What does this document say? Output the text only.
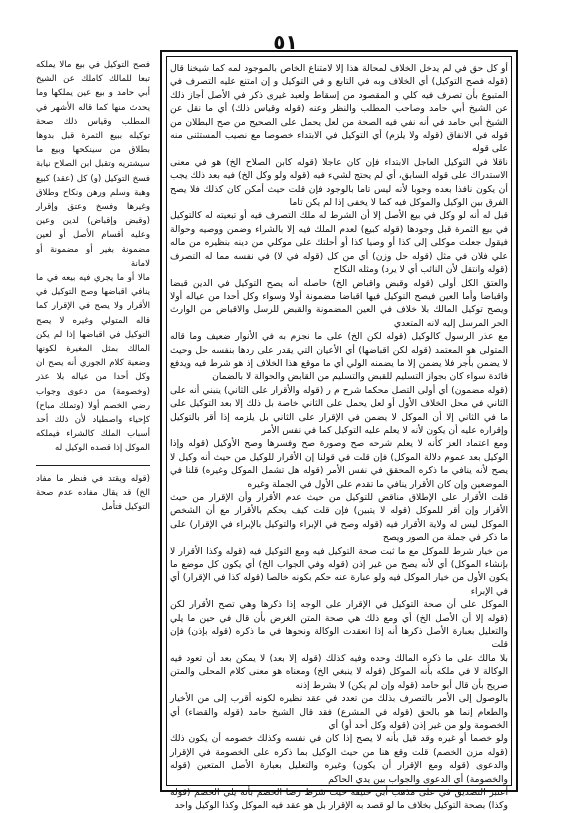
٥١

أو كل حق في لم يدخل الخلاف لمحالة هذا إلا لامتناع الخاص بالموجود لمه كما شيخنا قال (قوله فصح التوكيل) أي الخلاف وبه في التابع و في التوكيل و إن امتنع عليه التصرف في المتبوع بأن تصرف فيه كلي و المقصود من إسقاط ولعبد غيرى ذكر في الأصل أجاز ذلك عن الشيخ أبي حامد وصاحب المطلب والنظر وعنه (قوله وقياس ذلك) أي ما نقل عن الشيخ أبي حامد في أنه نفي فيه الصحة من لعل يحمل على الصحيح من صح البطلان من قوله في الانفاق (قوله ولا يلزم) أي التوكيل في الابتداء خصوصا مع نصيب المستثنى منه على قوله

ناقلا في التوكيل العاجل الابتداء فإن كان عاجلا (قوله كابن الصلاح الخ) هو في معنى الاستدراك على قوله السابق، أي لم يحتج لشيء فيه (قوله ولو وكل الخ) فيه بعد ذلك يجب أن يكون نافذا بعده وجوبا لأنه ليس تاما بالوجود فإن قلت حيث أمكن كان كذلك فلا يصح الفرق بين الوكيل والموكل فيه كما لا يخفى إذا لم يكن تاما

قبل له أنه لو وكل في بيع الأصل إلا أن الشرط له ملك التصرف فيه أو تبعيته له كالتوكيل في بيع الثمرة قبل وجودها (قوله كبيع) لعدم الملك فيه إلا بالشراء وضمن ووصيه وحوالة فيقول جعلت موكلى إلى كذا أو وصيا كذا أو أحلتك على موكلي من دينه بنظيره من ماله علي فلان في مثل (قوله حل وزن) أي من كل (قوله في لا) في نفسه مما له التصرف (قوله وانتقل لأن النائب أي لا يرد) ومثله النكاح

والعتق الكل أولى (قوله وقبض واقباض الخ) حاصله أنه يصح التوكيل في الدين قبضا واقباضا وأما العين فيصح التوكيل فيها اقباضا مضمونة أولا وسواء وكل أحدا من عياله أولا ويصح توكيل المالك بلا خلاف في العين المضمونة والقبض للرسل والاقباض من الوارث الحر المرسل إليه لانه المتعدي

مع عذر الرسول كالوكيل (قوله لكن الخ) على ما نجزم به في الأنوار ضعيف وما قاله المتولى هو المعتمد (قوله لكن اقباضها) أي الأعيان التي يقدر على ردها بنفسه حل وحيث لا يضمن بأجر فلا يضمن إلا ما يضمنه الولي أي ما موقع هذا الخلاف إذ هو شرط فيه ويدفع فائدة سواء كان بجواز التسليم للقبض والتسليم من القابض والحوالة لا بالضمان

(قوله مضمون) أي أولى التصل محكما شرح م ر (قوله والأقرار على الثاني) ينبني أنه على الثاني في محل الخلاف الأول أو لعل يحمل على الثاني خاصة بل ذلك إلا بعد التوكيل على ما في الثاني إلا أن الموكل لا يضمن في الإقرار على الثاني بل يلزمه إذا أقر بالتوكيل وإقراره عليه أن يكون لأنه لا يعلم عليه التوكيل كما في نفس الأمر

ومع اعتماد العز كأنه لا يعلم شرحه صح وصورة صح وفسرها وصح الأوكيل (قوله وإذا الوكيل بعد عموم دلالة الموكل) فإن قلت في قولنا إن الأقرار للوكيل من حيث أنه وكيل لا يصح لأنه ينافي ما ذكره المحقق في نفس الأمر (قوله هل تشمل الموكل وغيره) قلنا في الموضعين وإن كان الأقرار ينافي ما تقدم على الأول في الجملة وغيره

قلت الأقرار على الإطلاق مناقض للتوكيل من حيث عدم الأقرار وأن الإقرار من حيث الأقرار وإن أقر للموكل (قوله لا يتبين) فإن قلت كيف يحكم بالأقرار مع أن الشخص الموكل ليس له ولاية الأقرار فيه (قوله وصح في الإبراء والتوكيل بالإبراء في الإقرار) على ما ذكر في جملة من الصور ويصح

من خيار شرط للموكل مع ما ثبت صحة التوكيل فيه ومع التوكيل فيه (قوله وكذا الأقرار لا بإنشاء الموكل) أي لأنه يصح من غير إذن (قوله وفي الجواب الخ) أي يكون كل موضع ما يكون الأول من خيار الموكل فيه ولو عبارة عنه حكم بكونه خالصا (قوله كذا في الإقرار) أي في الإبراء

الموكل على أن صحة التوكيل في الإقرار على الوجه إذا ذكرها وهي تصح الأقرار لكن (قوله إلا أن الأصل الخ) أي ومع ذلك هي صحة المتن الغرض بأن قال في حين ما يلي والتعليل بعبارة الأصل ذكرها أنه إذا انعقدت الوكالة ونحوها في ما ذكره (قوله بإذن) فإن قلت

بلا مالك على ما ذكره المالك وحده وفيه كذلك (قوله إلا بعد) لا يمكن بعد أن تعود فيه الوكالة لا في ملكه بأنه الموكل (قوله لا ينبغي الخ) ومعناه هو معنى كلام المحلى والمتن صريح بأن قال أبو حامد (قوله وإن لم يكن) لا بشرط إذنه

بالوصول إلى الأمر بالتصرف بذلك من تعدد في عقد نظيره لكونه أقرب إلى من الأخيار والطعام إنما هو بالحق (قوله في المشرع) فقد قال الشيخ حامد (قوله والقضاء) أي الخصومة ولو من غير إذن (قوله وكل أحد أو) أي

ولو خصما أو غيره وقد قيل بأنه لا يصح إذا كان في نفسه وكذلك خصومه أن يكون ذلك (قوله مزن الخصم) قلت وقع هنا من حيث الوكيل بما ذكره على الخصومة في الإقرار والدعوى (قوله ومع الإقرار أن يكون) وغيره والتعليل بعبارة الأصل المتعين (قوله والخصومة) أي الدعوى والجواب بين يدي الحاكم

أعتبر التصديق في على مذهب أبي حنيفة حيث شرط رضا الخصم بأنه يلي الخصم (قوله وكذا) بصحة التوكيل بخلاف ما لو قصد به الإقرار بل هو عقد فيه الموكل وكذا الوكيل واحد

فصح التوكيل في بيع مالا يملكه تبعا للمالك كاملك عن الشيخ أبي حامد و بيع عين يملكها وما يحدث منها كما قاله الأشهر في المطلب وقياس ذلك صحة توكيله ببيع الثمرة قبل بدوها بطلاق من سينكحها وبيع ما سيشتريه وتقبل ابن الصلاح نيابة فسخ التوكيل (و) كل (عقد) كبيع وهبة وسلم ورهن ونكاح وطلاق وغيرها وفسخ وعتق وإقرار (وقبض وإقباض) لدين وعين وعليه أقسام الأصل أو لعين مضمونة بغير أو مضمونة أو لامانة

مالا أو ما يجري فيه بيعه في ما ينافي اقباضها وصح التوكيل في الأقرار ولا يصح في الإقرار كما قاله المتولي وغيره لا يصح التوكيل في اقباضها إذا لم يكن المالك بمثل المغيرة لكونها وضعية كلام الجوري أنه يصح ان وكل أحدا من عياله بلا عذر (وخصومة) من دعوى وجواب رضي الخصم أولا (وتملك مباح) كإحياء واصطياد لأن ذلك أحد أسباب الملك كالشراء فيملكه الموكل إذا قصده الوكيل له

(قوله ويقتد في فنظر ما مفاد الخ) قد يقال مفاده عدم صحة التوكيل فتأمل
